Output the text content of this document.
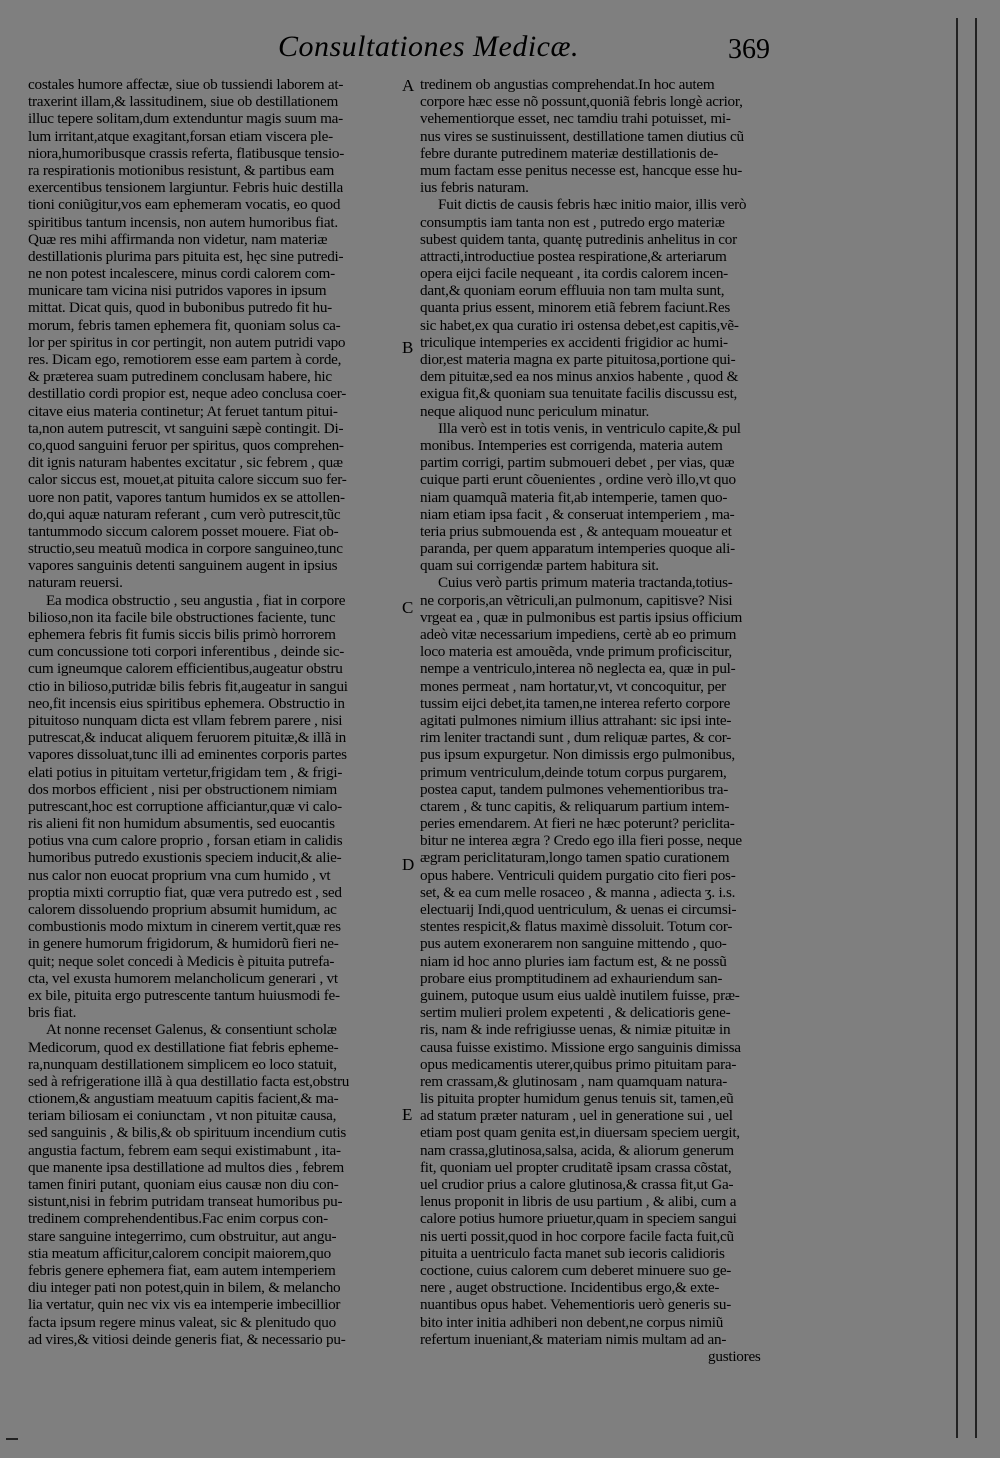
Consultationes Medicæ.	369
A
B
C
D
E
costales humore affectæ, siue ob tussiendi laborem at-
traxerint illam,& lassitudinem, siue ob destillationem
illuc tepere solitam,dum extenduntur magis suum ma-
lum irritant,atque exagitant,forsan etiam viscera ple-
niora,humoribusque crassis referta, flatibusque tensio-
ra respirationis motionibus resistunt, & partibus eam
exercentibus tensionem largiuntur. Febris huic destilla
tioni coniũgitur,vos eam ephemeram vocatis, eo quod
spiritibus tantum incensis, non autem humoribus fiat.
Quæ res mihi affirmanda non videtur, nam materiæ
destillationis plurima pars pituita est, hęc sine putredi-
ne non potest incalescere, minus cordi calorem com-
municare tam vicina nisi putridos vapores in ipsum
mittat. Dicat quis, quod in bubonibus putredo fit hu-
morum, febris tamen ephemera fit, quoniam solus ca-
lor per spiritus in cor pertingit, non autem putridi vapo
res. Dicam ego, remotiorem esse eam partem à corde,
& præterea suam putredinem conclusam habere, hic
destillatio cordi propior est, neque adeo conclusa coer-
citave eius materia continetur; At feruet tantum pitui-
ta,non autem putrescit, vt sanguini sæpè contingit. Di-
co,quod sanguini feruor per spiritus, quos comprehen-
dit ignis naturam habentes excitatur , sic febrem , quæ
calor siccus est, mouet,at pituita calore siccum suo fer-
uore non patit, vapores tantum humidos ex se attollen-
do,qui aquæ naturam referant , cum verò putrescit,tũc
tantummodo siccum calorem posset mouere. Fiat ob-
structio,seu meatuũ modica in corpore sanguineo,tunc
vapores sanguinis detenti sanguinem augent in ipsius
naturam reuersi.
Ea modica obstructio , seu angustia , fiat in corpore
bilioso,non ita facile bile obstructiones faciente, tunc
ephemera febris fit fumis siccis bilis primò horrorem
cum concussione toti corpori inferentibus , deinde sic-
cum igneumque calorem efficientibus,augeatur obstru
ctio in bilioso,putridæ bilis febris fit,augeatur in sangui
neo,fit incensis eius spiritibus ephemera. Obstructio in
pituitoso nunquam dicta est vllam febrem parere , nisi
putrescat,& inducat aliquem feruorem pituitæ,& illã in
vapores dissoluat,tunc illi ad eminentes corporis partes
elati potius in pituitam vertetur,frigidam tem , & frigi-
dos morbos efficient , nisi per obstructionem nimiam
putrescant,hoc est corruptione afficiantur,quæ vi calo-
ris alieni fit non humidum absumentis, sed euocantis
potius vna cum calore proprio , forsan etiam in calidis
humoribus putredo exustionis speciem inducit,& alie-
nus calor non euocat proprium vna cum humido , vt
proptia mixti corruptio fiat, quæ vera putredo est , sed
calorem dissoluendo proprium absumit humidum, ac
combustionis modo mixtum in cinerem vertit,quæ res
in genere humorum frigidorum, & humidorũ fieri ne-
quit; neque solet concedi à Medicis è pituita putrefa-
cta, vel exusta humorem melancholicum generari , vt
ex bile, pituita ergo putrescente tantum huiusmodi fe-
bris fiat.
At nonne recenset Galenus, & consentiunt scholæ
Medicorum, quod ex destillatione fiat febris epheme-
ra,nunquam destillationem simplicem eo loco statuit,
sed à refrigeratione illã à qua destillatio facta est,obstru
ctionem,& angustiam meatuum capitis facient,& ma-
teriam biliosam ei coniunctam , vt non pituitæ causa,
sed sanguinis , & bilis,& ob spirituum incendium cutis
angustia factum, febrem eam sequi existimabunt , ita-
que manente ipsa destillatione ad multos dies , febrem
tamen finiri putant, quoniam eius causæ non diu con-
sistunt,nisi in febrim putridam transeat humoribus pu-
tredinem comprehendentibus.Fac enim corpus con-
stare sanguine integerrimo, cum obstruitur, aut angu-
stia meatum afficitur,calorem concipit maiorem,quo
febris genere ephemera fiat, eam autem intemperiem
diu integer pati non potest,quin in bilem, & melancho
lia vertatur, quin nec vix vis ea intemperie imbecillior
facta ipsum regere minus valeat, sic & plenitudo quo
ad vires,& vitiosi deinde generis fiat, & necessario pu-
tredinem ob angustias comprehendat.In hoc autem
corpore hæc esse nõ possunt,quoniã febris longè acrior,
vehementiorque esset, nec tamdiu trahi potuisset, mi-
nus vires se sustinuissent, destillatione tamen diutius cũ
febre durante putredinem materiæ destillationis de-
mum factam esse penitus necesse est, hancque esse hu-
ius febris naturam.
Fuit dictis de causis febris hæc initio maior, illis verò
consumptis iam tanta non est , putredo ergo materiæ
subest quidem tanta, quantę putredinis anhelitus in cor
attracti,introductiue postea respiratione,& arteriarum
opera eijci facile nequeant , ita cordis calorem incen-
dant,& quoniam eorum effluuia non tam multa sunt,
quanta prius essent, minorem etiã febrem faciunt.Res
sic habet,ex qua curatio iri ostensa debet,est capitis,vẽ-
triculique intemperies ex accidenti frigidior ac humi-
dior,est materia magna ex parte pituitosa,portione qui-
dem pituitæ,sed ea nos minus anxios habente , quod &
exigua fit,& quoniam sua tenuitate facilis discussu est,
neque aliquod nunc periculum minatur.
Illa verò est in totis venis, in ventriculo capite,& pul
monibus. Intemperies est corrigenda, materia autem
partim corrigi, partim submoueri debet , per vias, quæ
cuique parti erunt cõuenientes , ordine verò illo,vt quo
niam quamquã materia fit,ab intemperie, tamen quo-
niam etiam ipsa facit , & conseruat intemperiem , ma-
teria prius submouenda est , & antequam moueatur et
paranda, per quem apparatum intemperies quoque ali-
quam sui corrigendæ partem habitura sit.
Cuius verò partis primum materia tractanda,totius-
ne corporis,an vẽtriculi,an pulmonum, capitisve? Nisi
vrgeat ea , quæ in pulmonibus est partis ipsius officium
adeò vitæ necessarium impediens, certè ab eo primum
loco materia est amouẽda, vnde primum proficiscitur,
nempe a ventriculo,interea nõ neglecta ea, quæ in pul-
mones permeat , nam hortatur,vt, vt concoquitur, per
tussim eijci debet,ita tamen,ne interea referto corpore
agitati pulmones nimium illius attrahant: sic ipsi inte-
rim leniter tractandi sunt , dum reliquæ partes, & cor-
pus ipsum expurgetur. Non dimissis ergo pulmonibus,
primum ventriculum,deinde totum corpus purgarem,
postea caput, tandem pulmones vehementioribus tra-
ctarem , & tunc capitis, & reliquarum partium intem-
peries emendarem. At fieri ne hæc poterunt? periclita-
bitur ne interea ægra ? Credo ego illa fieri posse, neque
ægram periclitaturam,longo tamen spatio curationem
opus habere. Ventriculi quidem purgatio cito fieri pos-
set, & ea cum melle rosaceo , & manna , adiecta ʒ. i.s.
electuarij Indi,quod uentriculum, & uenas ei circumsi-
stentes respicit,& flatus maximè dissoluit. Totum cor-
pus autem exonerarem non sanguine mittendo , quo-
niam id hoc anno pluries iam factum est, & ne possũ
probare eius promptitudinem ad exhauriendum san-
guinem, putoque usum eius ualdè inutilem fuisse, præ-
sertim mulieri prolem expetenti , & delicatioris gene-
ris, nam & inde refrigiusse uenas, & nimiæ pituitæ in
causa fuisse existimo. Missione ergo sanguinis dimissa
opus medicamentis uterer,quibus primo pituitam para-
rem crassam,& glutinosam , nam quamquam natura-
lis pituita propter humidum genus tenuis sit, tamen,eũ
ad statum præter naturam , uel in generatione sui , uel
etiam post quam genita est,in diuersam speciem uergit,
nam crassa,glutinosa,salsa, acida, & aliorum generum
fit, quoniam uel propter cruditatẽ ipsam crassa cõstat,
uel crudior prius a calore glutinosa,& crassa fit,ut Ga-
lenus proponit in libris de usu partium , & alibi, cum a
calore potius humore priuetur,quam in speciem sangui
nis uerti possit,quod in hoc corpore facile facta fuit,cũ
pituita a uentriculo facta manet sub iecoris calidioris
coctione, cuius calorem cum deberet minuere suo ge-
nere , auget obstructione. Incidentibus ergo,& exte-
nuantibus opus habet. Vehementioris uerò generis su-
bito inter initia adhiberi non debent,ne corpus nimiũ
refertum inueniant,& materiam nimis multam ad an-
gustiores
